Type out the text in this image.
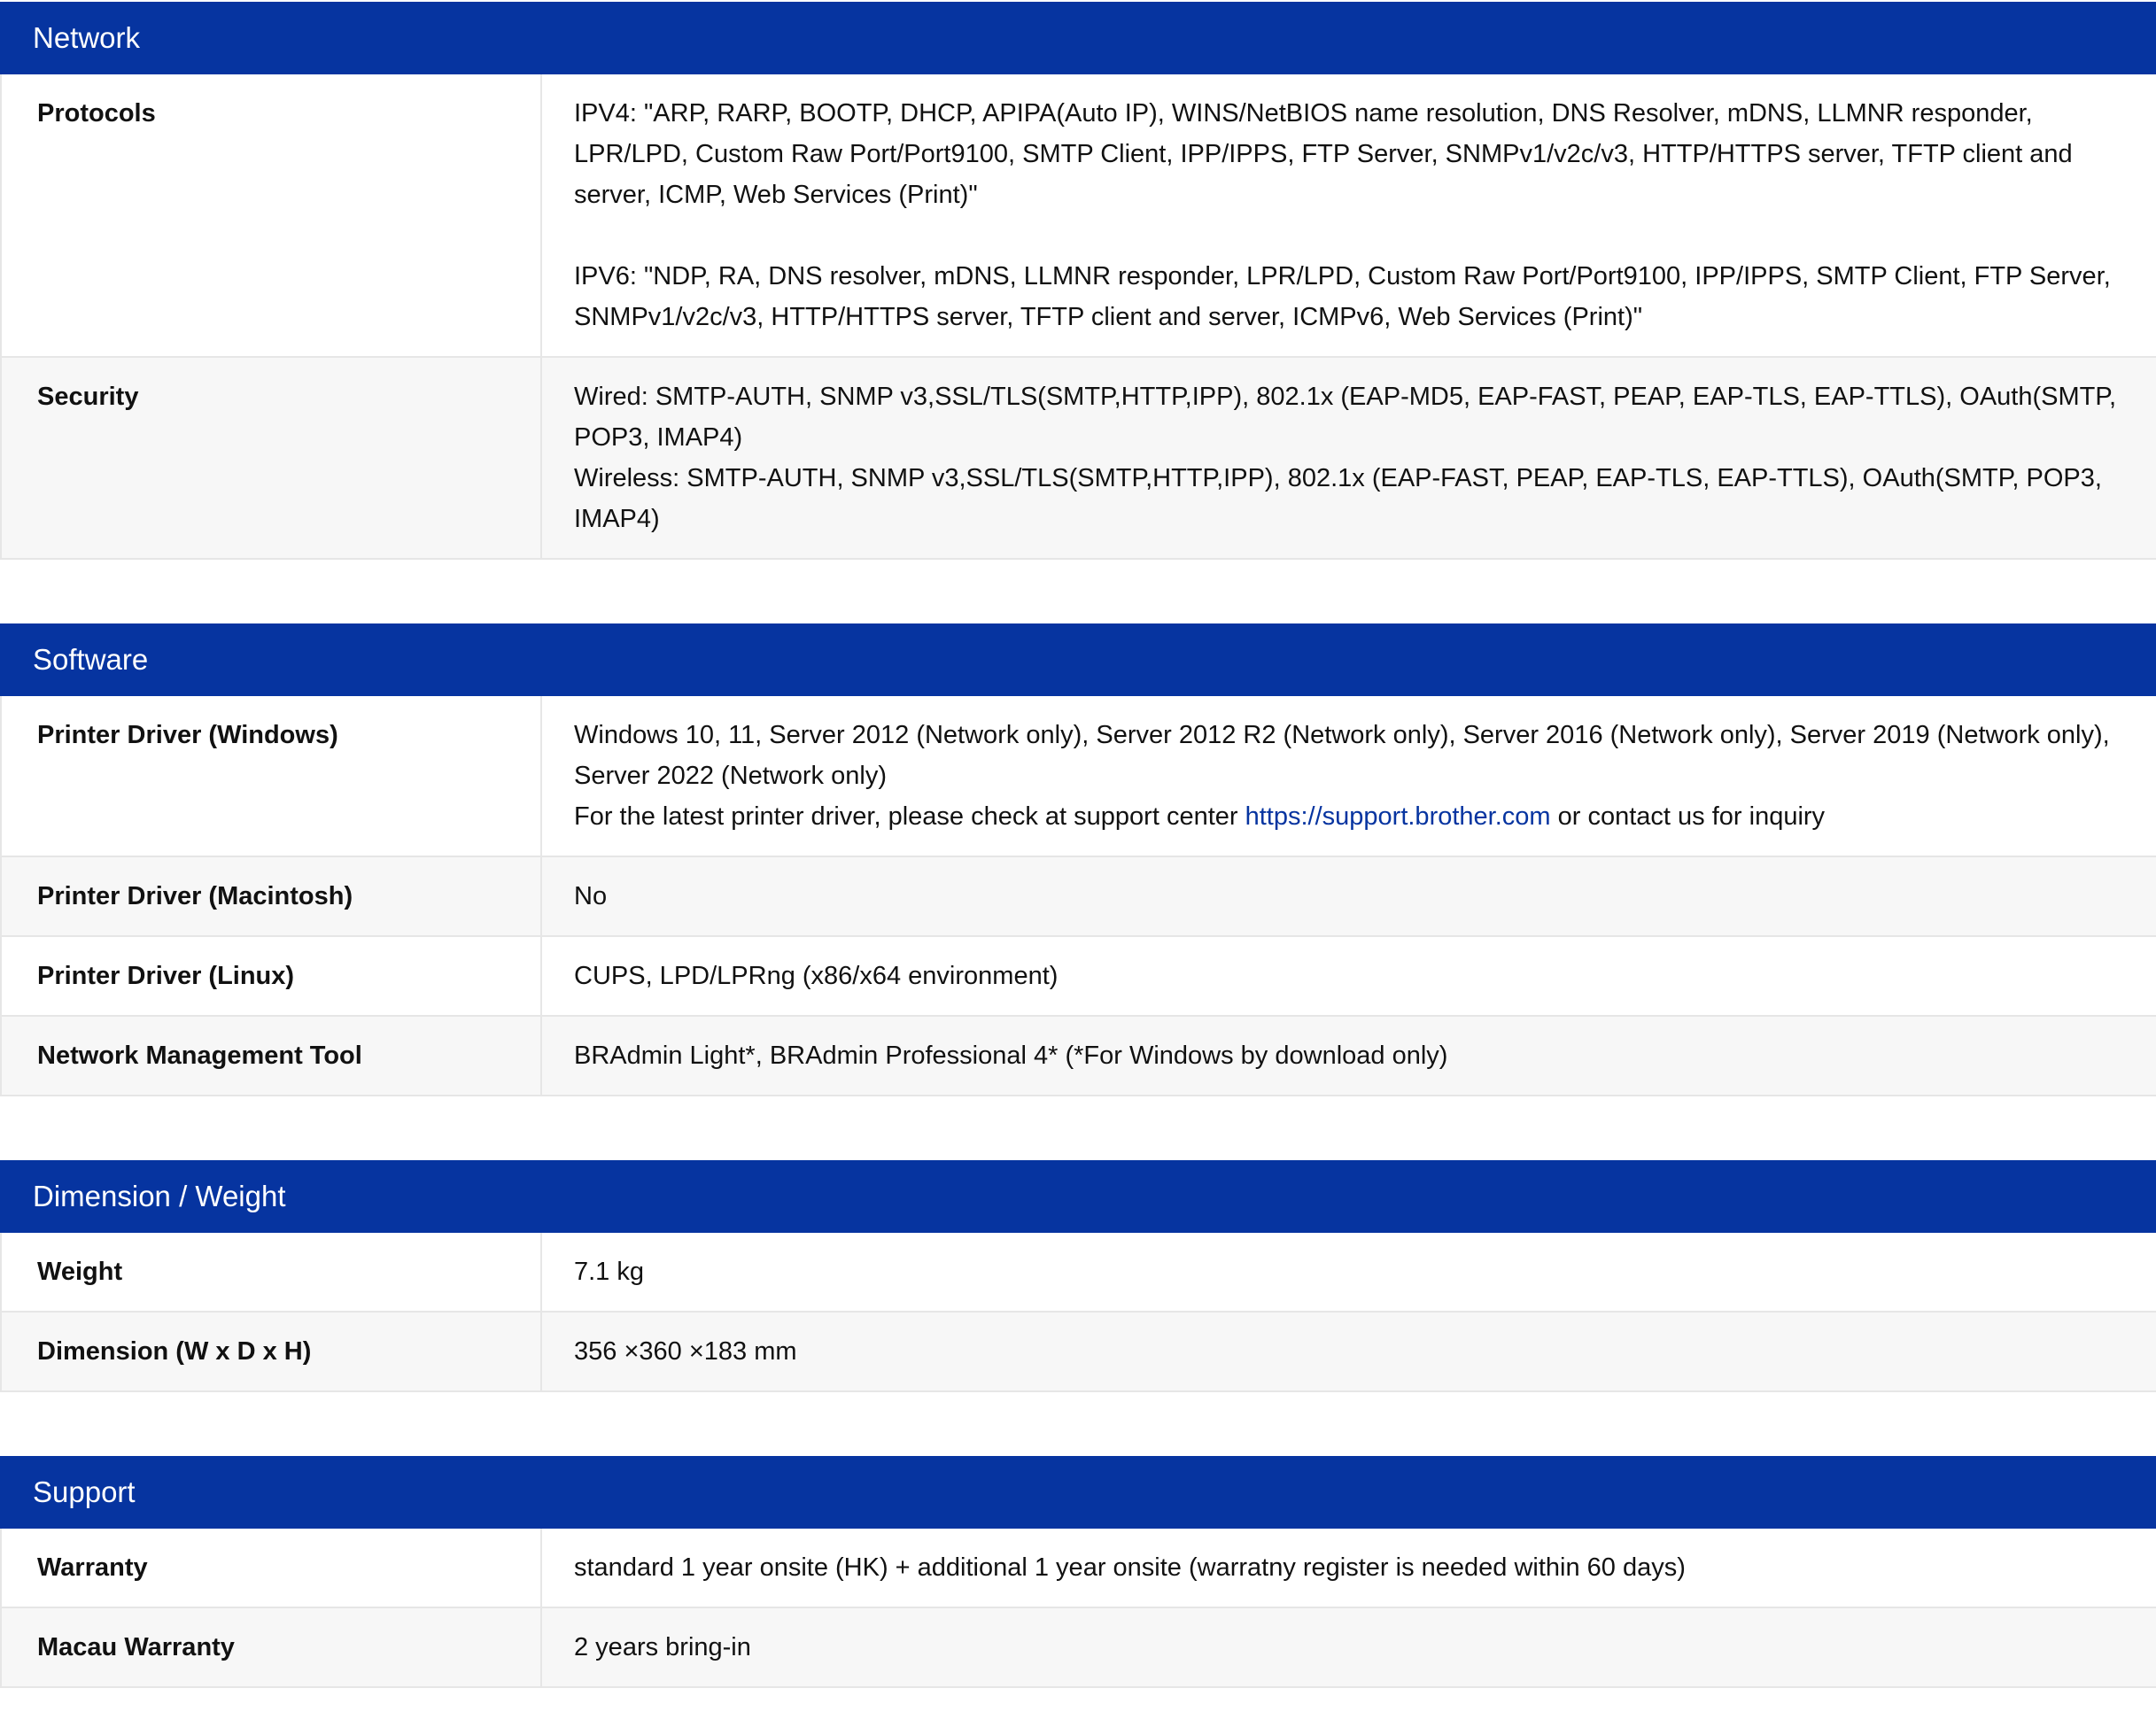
Network
Protocols	IPV4: "ARP, RARP, BOOTP, DHCP, APIPA(Auto IP), WINS/NetBIOS name resolution, DNS Resolver, mDNS, LLMNR responder, LPR/LPD, Custom Raw Port/Port9100, SMTP Client, IPP/IPPS, FTP Server, SNMPv1/v2c/v3, HTTP/HTTPS server, TFTP client and server, ICMP, Web Services (Print)"
IPV6: "NDP, RA, DNS resolver, mDNS, LLMNR responder, LPR/LPD, Custom Raw Port/Port9100, IPP/IPPS, SMTP Client, FTP Server, SNMPv1/v2c/v3, HTTP/HTTPS server, TFTP client and server, ICMPv6, Web Services (Print)"

Security	Wired: SMTP-AUTH, SNMP v3,SSL/TLS(SMTP,HTTP,IPP), 802.1x (EAP-MD5, EAP-FAST, PEAP, EAP-TLS, EAP-TTLS), OAuth(SMTP, POP3, IMAP4)
Wireless: SMTP-AUTH, SNMP v3,SSL/TLS(SMTP,HTTP,IPP), 802.1x (EAP-FAST, PEAP, EAP-TLS, EAP-TTLS), OAuth(SMTP, POP3, IMAP4)
Software
Printer Driver (Windows)	Windows 10, 11, Server 2012 (Network only), Server 2012 R2 (Network only), Server 2016 (Network only), Server 2019 (Network only), Server 2022 (Network only)
For the latest printer driver, please check at support center https://support.brother.com or contact us for inquiry

Printer Driver (Macintosh)	No
Printer Driver (Linux)	CUPS, LPD/LPRng (x86/x64 environment)
Network Management Tool	BRAdmin Light*, BRAdmin Professional 4* (*For Windows by download only)
Dimension / Weight
Weight	7.1 kg
Dimension (W x D x H)	356 ×360 ×183 mm
Support
Warranty	standard 1 year onsite (HK) + additional 1 year onsite (warratny register is needed within 60 days)
Macau Warranty	2 years bring-in
